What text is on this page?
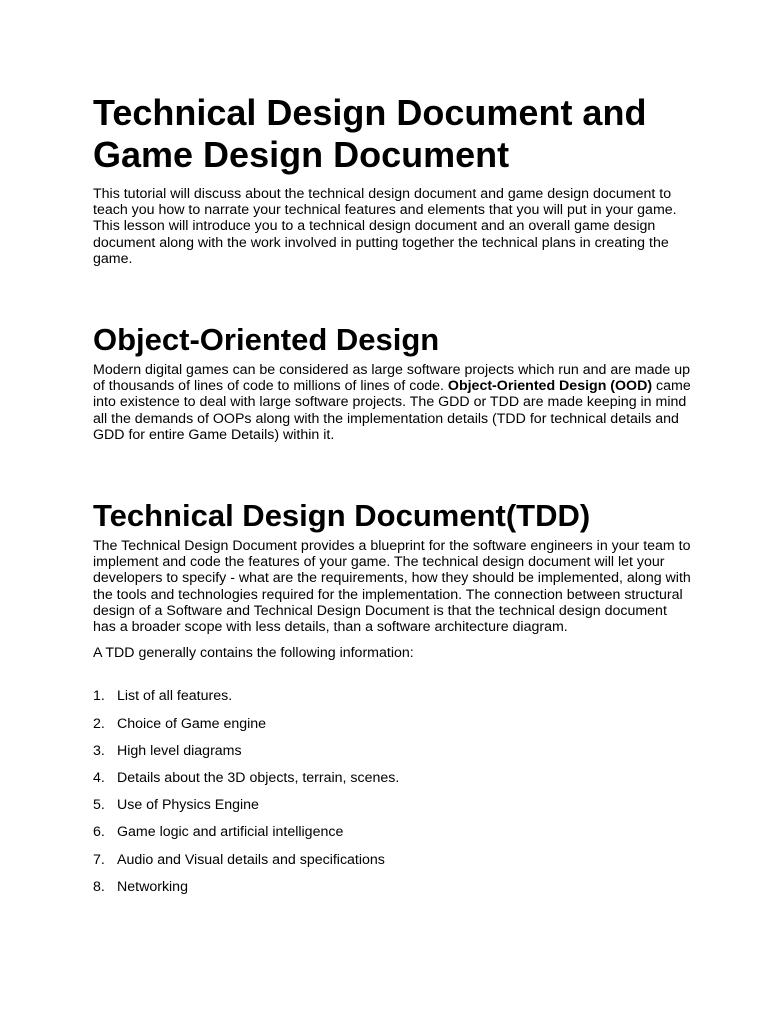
Technical Design Document and Game Design Document

This tutorial will discuss about the technical design document and game design document to teach you how to narrate your technical features and elements that you will put in your game. This lesson will introduce you to a technical design document and an overall game design document along with the work involved in putting together the technical plans in creating the game.

Object-Oriented Design

Modern digital games can be considered as large software projects which run and are made up of thousands of lines of code to millions of lines of code. Object-Oriented Design (OOD) came into existence to deal with large software projects. The GDD or TDD are made keeping in mind all the demands of OOPs along with the implementation details (TDD for technical details and GDD for entire Game Details) within it.

Technical Design Document(TDD)

The Technical Design Document provides a blueprint for the software engineers in your team to implement and code the features of your game. The technical design document will let your developers to specify - what are the requirements, how they should be implemented, along with the tools and technologies required for the implementation. The connection between structural design of a Software and Technical Design Document is that the technical design document has a broader scope with less details, than a software architecture diagram.

A TDD generally contains the following information:

1. List of all features.
2. Choice of Game engine
3. High level diagrams
4. Details about the 3D objects, terrain, scenes.
5. Use of Physics Engine
6. Game logic and artificial intelligence
7. Audio and Visual details and specifications
8. Networking
